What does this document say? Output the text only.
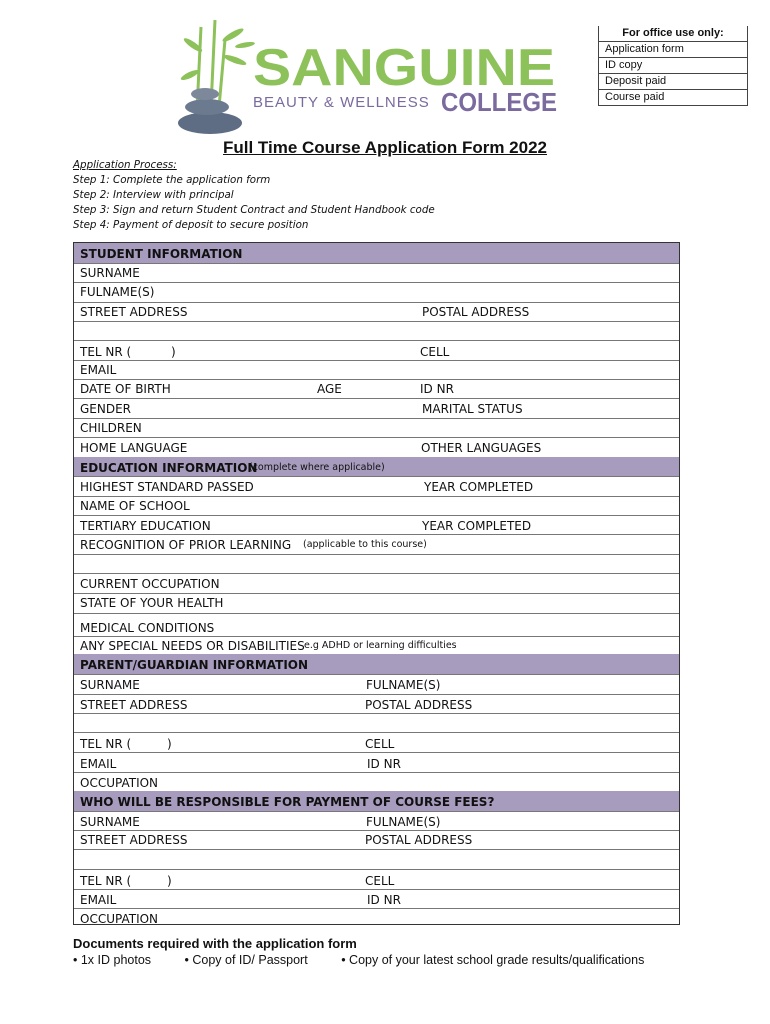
SANGUINE
BEAUTY & WELLNESS COLLEGE
For office use only:
Application form
ID copy
Deposit paid
Course paid
Full Time Course Application Form 2022
Application Process:
Step 1: Complete the application form
Step 2: Interview with principal
Step 3: Sign and return Student Contract and Student Handbook code
Step 4: Payment of deposit to secure position
STUDENT INFORMATION
SURNAME
FULNAME(S)
STREET ADDRESS	POSTAL ADDRESS
TEL NR (	)	CELL
EMAIL
DATE OF BIRTH	AGE	ID NR
GENDER	MARITAL STATUS
CHILDREN
HOME LANGUAGE	OTHER LANGUAGES
EDUCATION INFORMATION
(complete where applicable)
HIGHEST STANDARD PASSED	YEAR COMPLETED
NAME OF SCHOOL
TERTIARY EDUCATION	YEAR COMPLETED
RECOGNITION OF PRIOR LEARNING (applicable to this course)
CURRENT OCCUPATION
STATE OF YOUR HEALTH
MEDICAL CONDITIONS
ANY SPECIAL NEEDS OR DISABILITIES e.g ADHD or learning difficulties
PARENT/GUARDIAN INFORMATION
SURNAME	FULNAME(S)
STREET ADDRESS	POSTAL ADDRESS
TEL NR (	)	CELL
EMAIL	ID NR
OCCUPATION
WHO WILL BE RESPONSIBLE FOR PAYMENT OF COURSE FEES?
SURNAME	FULNAME(S)
STREET ADDRESS	POSTAL ADDRESS
TEL NR (	)	CELL
EMAIL	ID NR
OCCUPATION
Documents required with the application form
• 1x ID photos	• Copy of ID/ Passport	• Copy of your latest school grade results/qualifications
